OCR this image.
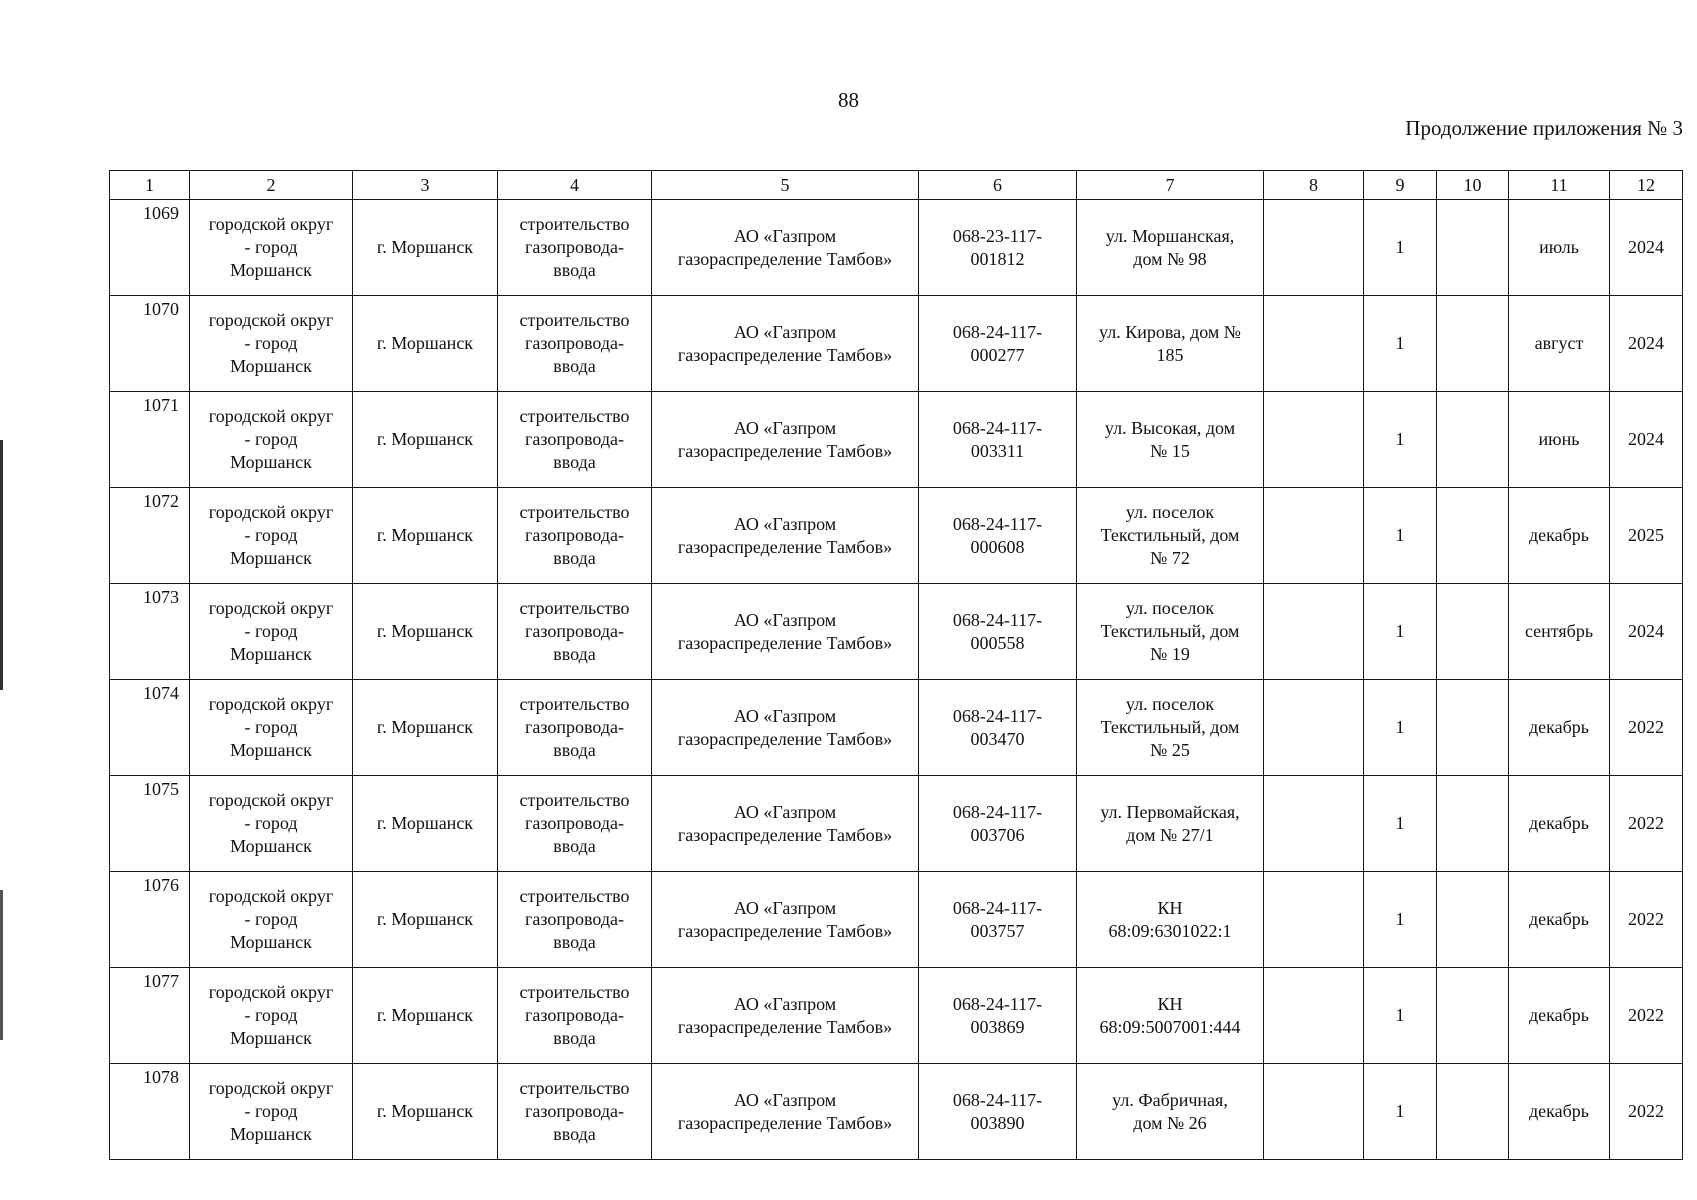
88
Продолжение приложения № 3
1	2	3	4	5	6	7	8	9	10	11	12
1069	городской округ
- город
Моршанск	г. Моршанск	строительство
газопровода-
ввода	АО «Газпром
газораспределение Тамбов»	068-23-117-
001812	ул. Моршанская,
дом № 98		1		июль	2024
1070	городской округ
- город
Моршанск	г. Моршанск	строительство
газопровода-
ввода	АО «Газпром
газораспределение Тамбов»	068-24-117-
000277	ул. Кирова, дом №
185		1		август	2024
1071	городской округ
- город
Моршанск	г. Моршанск	строительство
газопровода-
ввода	АО «Газпром
газораспределение Тамбов»	068-24-117-
003311	ул. Высокая, дом
№ 15		1		июнь	2024
1072	городской округ
- город
Моршанск	г. Моршанск	строительство
газопровода-
ввода	АО «Газпром
газораспределение Тамбов»	068-24-117-
000608	ул. поселок
Текстильный, дом
№ 72		1		декабрь	2025
1073	городской округ
- город
Моршанск	г. Моршанск	строительство
газопровода-
ввода	АО «Газпром
газораспределение Тамбов»	068-24-117-
000558	ул. поселок
Текстильный, дом
№ 19		1		сентябрь	2024
1074	городской округ
- город
Моршанск	г. Моршанск	строительство
газопровода-
ввода	АО «Газпром
газораспределение Тамбов»	068-24-117-
003470	ул. поселок
Текстильный, дом
№ 25		1		декабрь	2022
1075	городской округ
- город
Моршанск	г. Моршанск	строительство
газопровода-
ввода	АО «Газпром
газораспределение Тамбов»	068-24-117-
003706	ул. Первомайская,
дом № 27/1		1		декабрь	2022
1076	городской округ
- город
Моршанск	г. Моршанск	строительство
газопровода-
ввода	АО «Газпром
газораспределение Тамбов»	068-24-117-
003757	КН
68:09:6301022:1		1		декабрь	2022
1077	городской округ
- город
Моршанск	г. Моршанск	строительство
газопровода-
ввода	АО «Газпром
газораспределение Тамбов»	068-24-117-
003869	КН
68:09:5007001:444		1		декабрь	2022
1078	городской округ
- город
Моршанск	г. Моршанск	строительство
газопровода-
ввода	АО «Газпром
газораспределение Тамбов»	068-24-117-
003890	ул. Фабричная,
дом № 26		1		декабрь	2022
